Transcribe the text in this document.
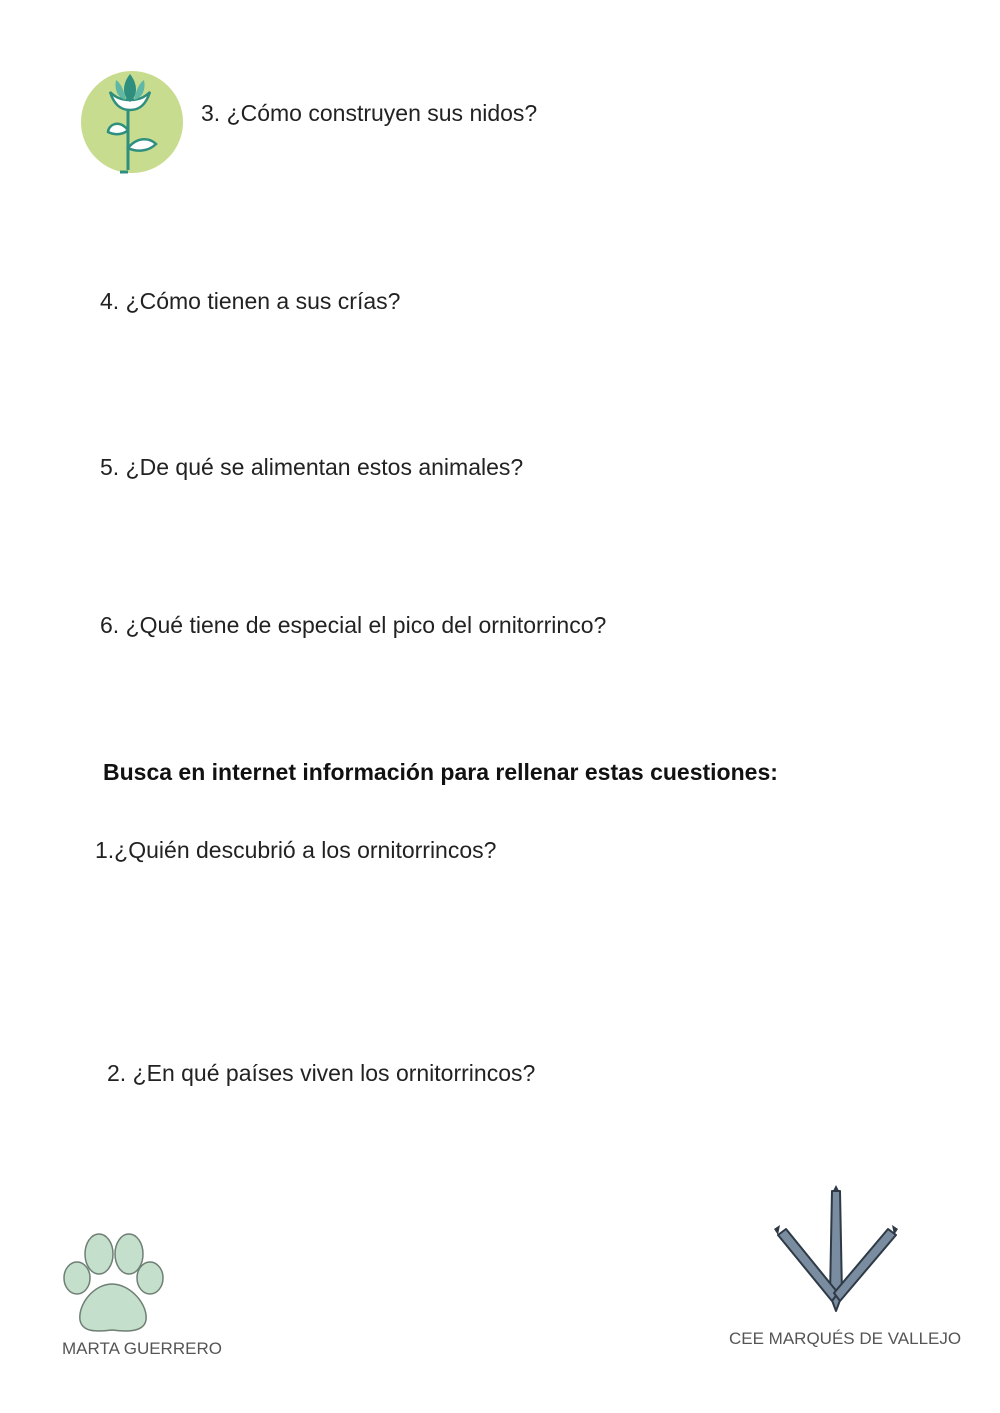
3. ¿Cómo construyen sus nidos?
4. ¿Cómo tienen a sus crías?
5. ¿De qué se alimentan estos animales?
6. ¿Qué tiene de especial el pico del ornitorrinco?
Busca en internet información para rellenar estas cuestiones:
1.¿Quién descubrió a los ornitorrincos?
2. ¿En qué países viven los ornitorrincos?
MARTA GUERRERO
CEE MARQUÉS DE VALLEJO
